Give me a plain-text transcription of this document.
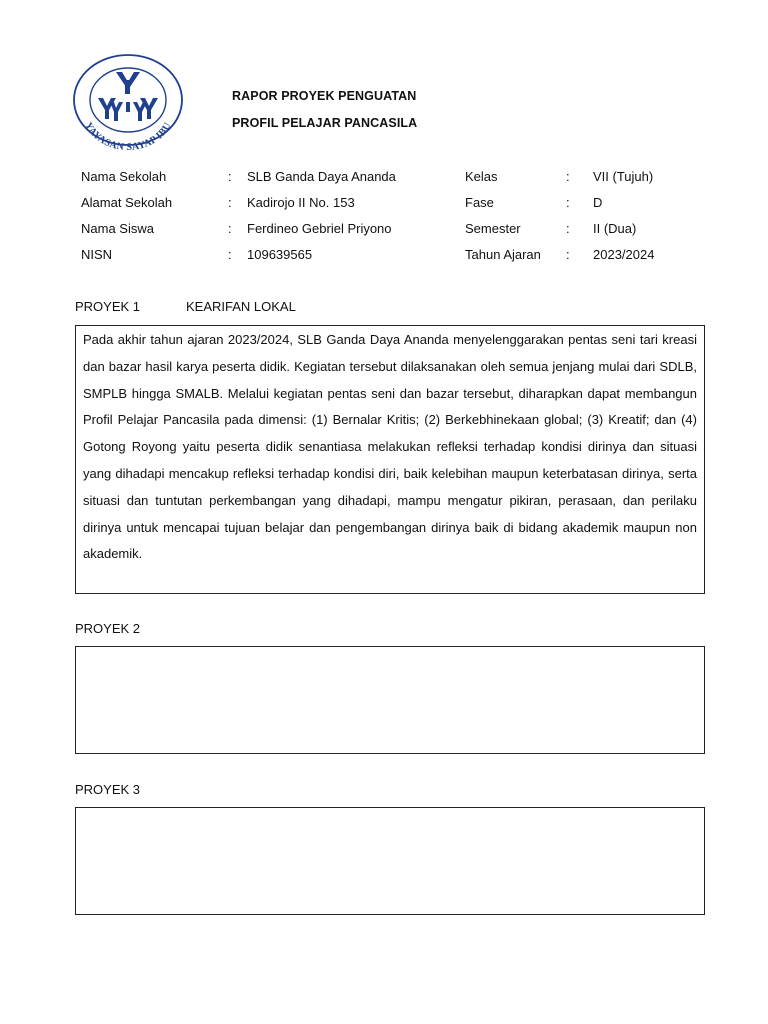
YAYASAN SAYAP IBU
RAPOR PROYEK PENGUATAN
PROFIL PELAJAR PANCASILA
Nama Sekolah	: SLB Ganda Daya Ananda
Alamat Sekolah	: Kadirojo II No. 153
Nama Siswa	: Ferdineo Gebriel Priyono
NISN	: 109639565
Kelas	: VII (Tujuh)
Fase	: D
Semester	: II (Dua)
Tahun Ajaran : 2023/2024
PROYEK 1	KEARIFAN LOKAL

Pada akhir tahun ajaran 2023/2024, SLB Ganda Daya Ananda menyelenggarakan pentas seni tari kreasi dan bazar hasil karya peserta didik. Kegiatan tersebut dilaksanakan oleh semua jenjang mulai dari SDLB, SMPLB hingga SMALB. Melalui kegiatan pentas seni dan bazar tersebut, diharapkan dapat membangun Profil Pelajar Pancasila pada dimensi: (1) Bernalar Kritis; (2) Berkebhinekaan global; (3) Kreatif; dan (4) Gotong Royong yaitu peserta didik senantiasa melakukan refleksi terhadap kondisi dirinya dan situasi yang dihadapi mencakup refleksi terhadap kondisi diri, baik kelebihan maupun keterbatasan dirinya, serta situasi dan tuntutan perkembangan yang dihadapi, mampu mengatur pikiran, perasaan, dan perilaku dirinya untuk mencapai tujuan belajar dan pengembangan dirinya baik di bidang akademik maupun non akademik.

PROYEK 2

PROYEK 3
